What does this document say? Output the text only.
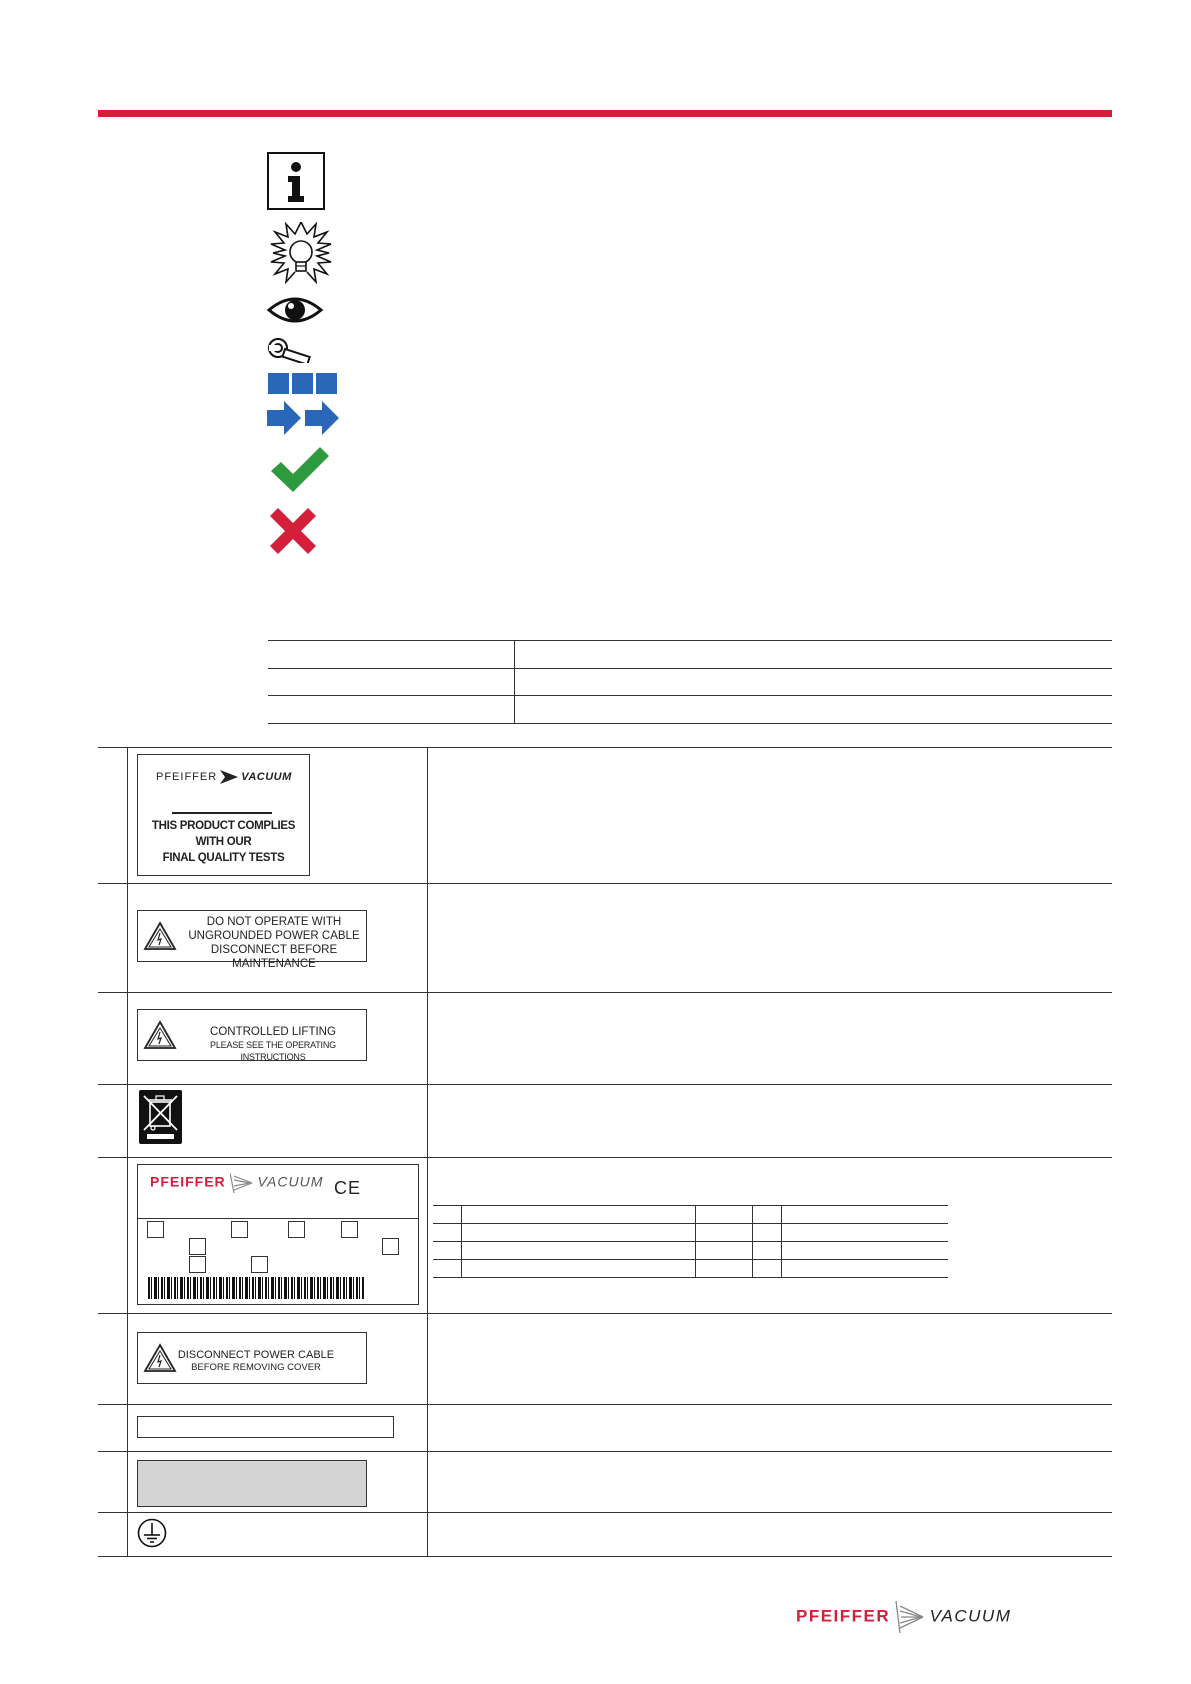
PFEIFFER VACUUM
THIS PRODUCT COMPLIES
WITH OUR
FINAL QUALITY TESTS
DO NOT OPERATE WITH
UNGROUNDED POWER CABLE
DISCONNECT BEFORE MAINTENANCE
CONTROLLED LIFTING
PLEASE SEE THE OPERATING INSTRUCTIONS
PFEIFFER VACUUM CE
DISCONNECT POWER CABLE
BEFORE REMOVING COVER
PFEIFFER VACUUM
